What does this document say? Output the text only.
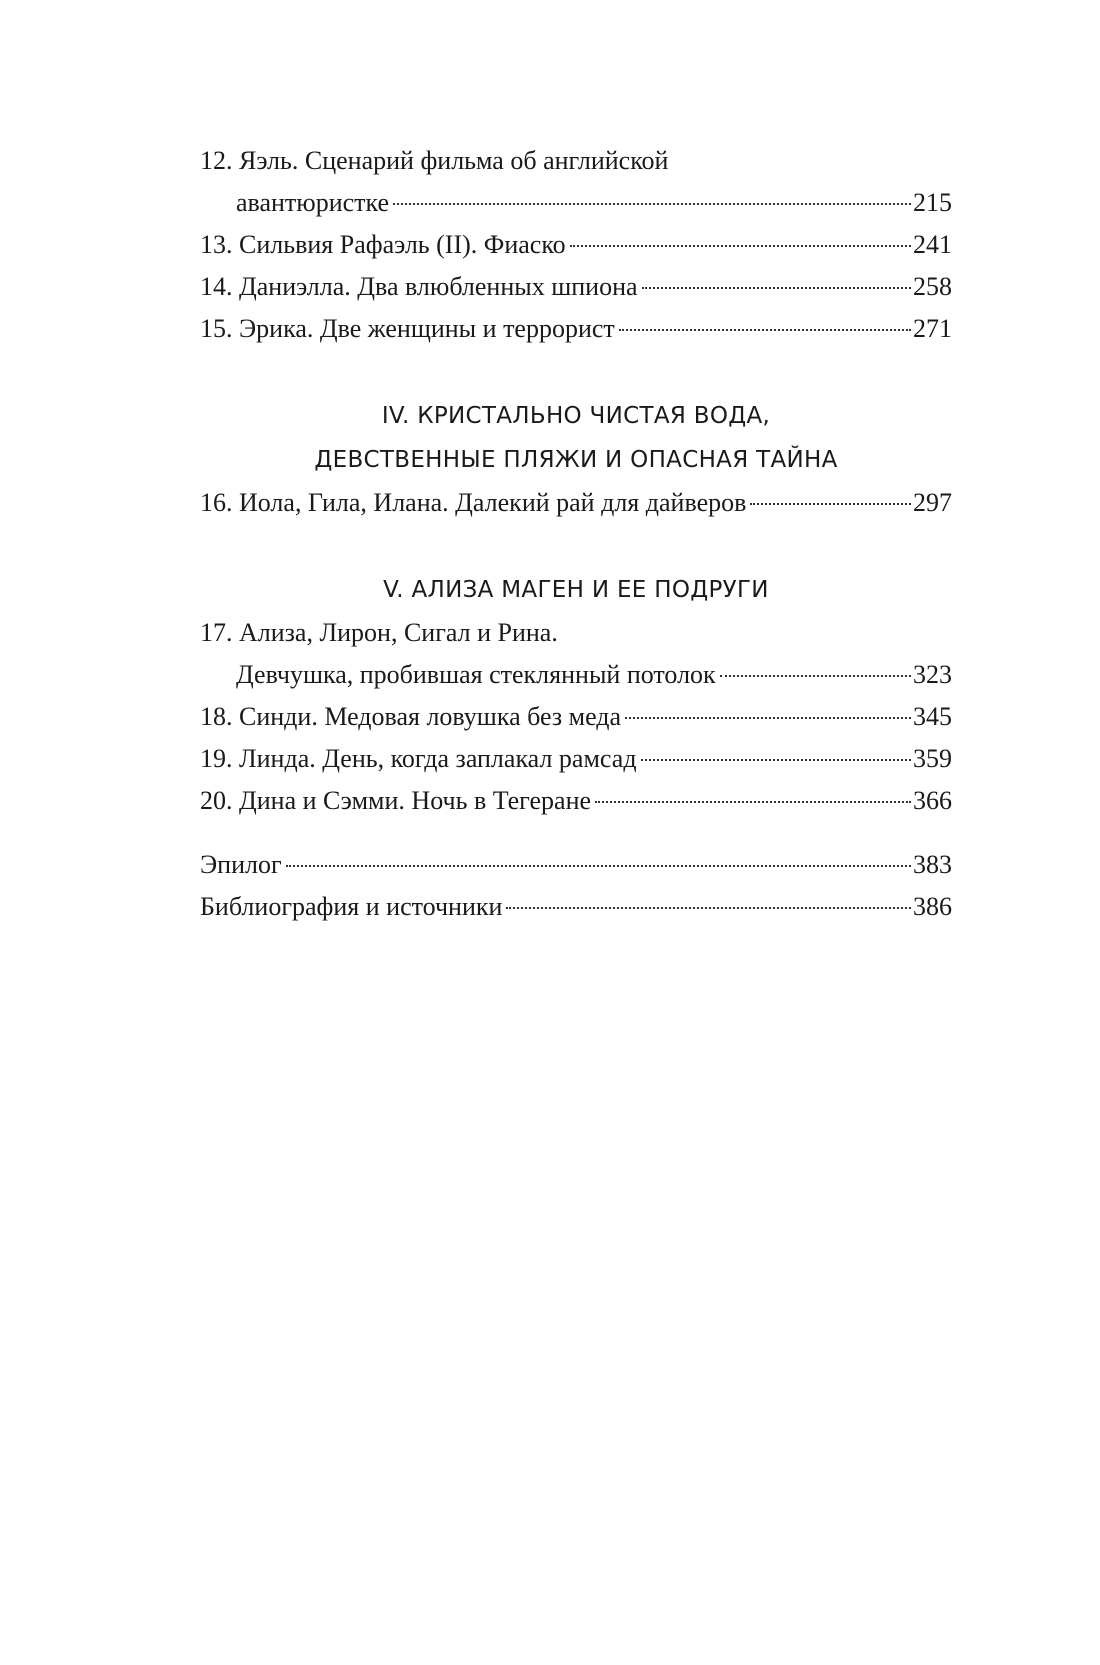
12. Яэль. Сценарий фильма об английской
авантюристке	215
13. Сильвия Рафаэль (II). Фиаско	241
14. Даниэлла. Два влюбленных шпиона	258
15. Эрика. Две женщины и террорист	271
IV. КРИСТАЛЬНО ЧИСТАЯ ВОДА,
ДЕВСТВЕННЫЕ ПЛЯЖИ И ОПАСНАЯ ТАЙНА
16. Иола, Гила, Илана. Далекий рай для дайверов	297
V. АЛИЗА МАГЕН И ЕЕ ПОДРУГИ
17. Ализа, Лирон, Сигал и Рина.
Девчушка, пробившая стеклянный потолок	323
18. Синди. Медовая ловушка без меда	345
19. Линда. День, когда заплакал рамсад	359
20. Дина и Сэмми. Ночь в Тегеране	366
Эпилог	383
Библиография и источники	386
